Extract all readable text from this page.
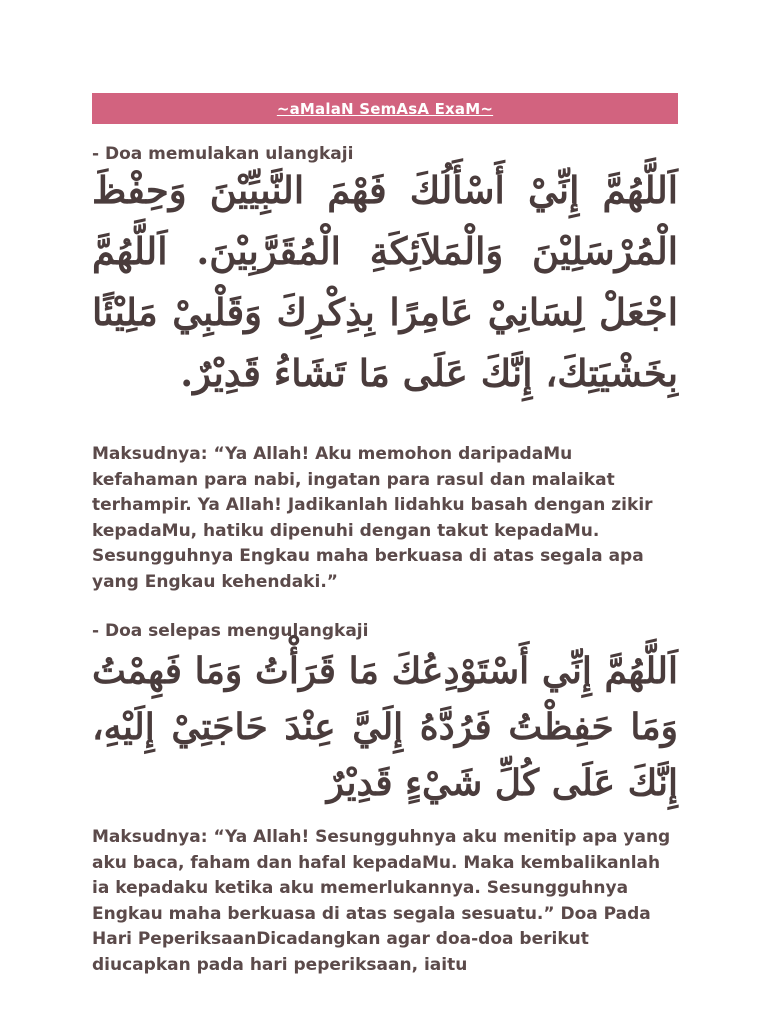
~aMalaN SemAsA ExaM~

- Doa memulakan ulangkaji

اَللَّهُمَّ إِنِّيْ أَسْأَلُكَ فَهْمَ النَّبِيِّيْنَ وَحِفْظَ الْمُرْسَلِيْنَ وَالْمَلاَئِكَةِ الْمُقَرَّبِيْنَ. اَللَّهُمَّ اجْعَلْ لِسَانِيْ عَامِرًا بِذِكْرِكَ وَقَلْبِيْ مَلِيْئًا بِخَشْيَتِكَ، إِنَّكَ عَلَى مَا تَشَاءُ قَدِيْرٌ.

Maksudnya: “Ya Allah! Aku memohon daripadaMu kefahaman para nabi, ingatan para rasul dan malaikat terhampir. Ya Allah! Jadikanlah lidahku basah dengan zikir kepadaMu, hatiku dipenuhi dengan takut kepadaMu. Sesungguhnya Engkau maha berkuasa di atas segala apa yang Engkau kehendaki.”

- Doa selepas mengulangkaji

اَللَّهُمَّ إِنِّي أَسْتَوْدِعُكَ مَا قَرَأْتُ وَمَا فَهِمْتُ وَمَا حَفِظْتُ فَرُدَّهُ إِلَيَّ عِنْدَ حَاجَتِيْ إِلَيْهِ، إِنَّكَ عَلَى كُلِّ شَيْءٍ قَدِيْرٌ

Maksudnya: “Ya Allah! Sesungguhnya aku menitip apa yang aku baca, faham dan hafal kepadaMu. Maka kembalikanlah ia kepadaku ketika aku memerlukannya. Sesungguhnya Engkau maha berkuasa di atas segala sesuatu.” Doa Pada Hari PeperiksaanDicadangkan agar doa-doa berikut diucapkan pada hari peperiksaan, iaitu
